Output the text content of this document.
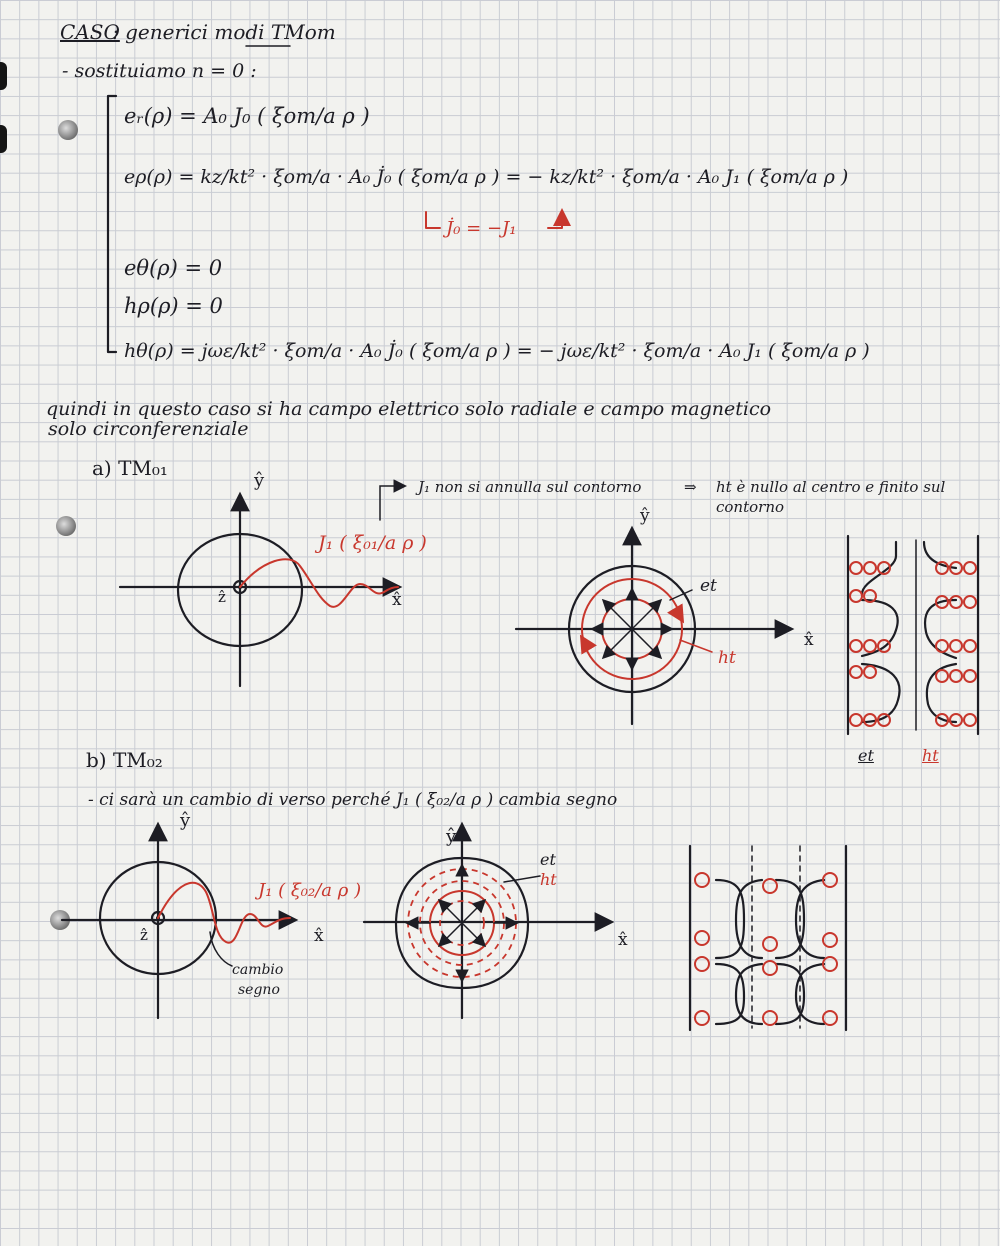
CASO
: generici modi TMom
- sostituiamo n = 0 :
eᵣ(ρ) = A₀ J₀ ( ξom/a ρ )
eρ(ρ) = kz/kt² · ξom/a · A₀ J̇₀ ( ξom/a ρ ) = − kz/kt² · ξom/a · A₀ J₁ ( ξom/a ρ )
J̇₀ = −J₁
eθ(ρ) = 0
hρ(ρ) = 0
hθ(ρ) = jωε/kt² · ξom/a · A₀ J̇₀ ( ξom/a ρ ) = − jωε/kt² · ξom/a · A₀ J₁ ( ξom/a ρ )
quindi in questo caso si ha campo elettrico solo radiale e campo magnetico
solo circonferenziale
a) TM₀₁
J₁ non si annulla sul contorno	⇒ ht è nullo al centro e finito sul
contorno
J₁ ( ξ₀₁/a ρ )
ŷ
x̂
ẑ
ŷ
x̂
et
ht
et	ht
b) TM₀₂
- ci sarà un cambio di verso perché J₁ ( ξ₀₂/a ρ ) cambia segno
J₁ ( ξ₀₂/a ρ )
cambio
segno
ŷ
x̂
ẑ
ŷ
x̂
et
ht
